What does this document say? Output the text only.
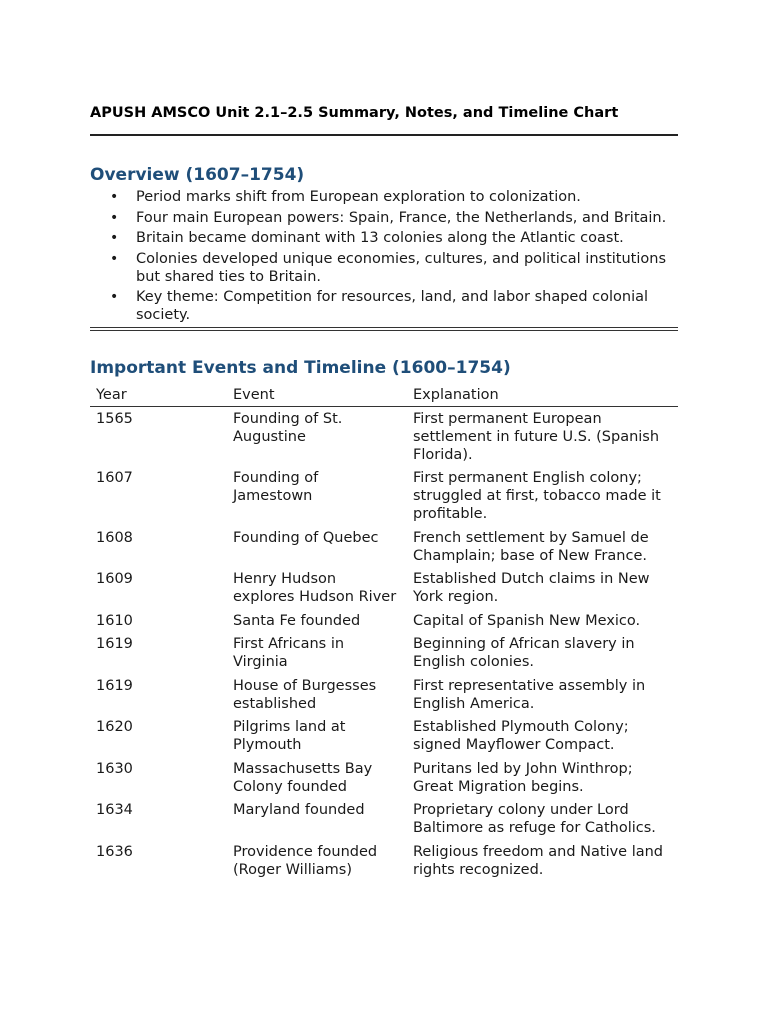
APUSH AMSCO Unit 2.1–2.5 Summary, Notes, and Timeline Chart
Overview (1607–1754)
• Period marks shift from European exploration to colonization.
• Four main European powers: Spain, France, the Netherlands, and Britain.
• Britain became dominant with 13 colonies along the Atlantic coast.
• Colonies developed unique economies, cultures, and political institutions but shared ties to Britain.
• Key theme: Competition for resources, land, and labor shaped colonial society.
Important Events and Timeline (1600–1754)
Year	Event	Explanation
1565	Founding of St. Augustine	First permanent European settlement in future U.S. (Spanish Florida).
1607	Founding of Jamestown	First permanent English colony; struggled at first, tobacco made it profitable.
1608	Founding of Quebec	French settlement by Samuel de Champlain; base of New France.
1609	Henry Hudson explores Hudson River	Established Dutch claims in New York region.
1610	Santa Fe founded	Capital of Spanish New Mexico.
1619	First Africans in Virginia	Beginning of African slavery in English colonies.
1619	House of Burgesses established	First representative assembly in English America.
1620	Pilgrims land at Plymouth	Established Plymouth Colony; signed Mayflower Compact.
1630	Massachusetts Bay Colony founded	Puritans led by John Winthrop; Great Migration begins.
1634	Maryland founded	Proprietary colony under Lord Baltimore as refuge for Catholics.
1636	Providence founded (Roger Williams)	Religious freedom and Native land rights recognized.
